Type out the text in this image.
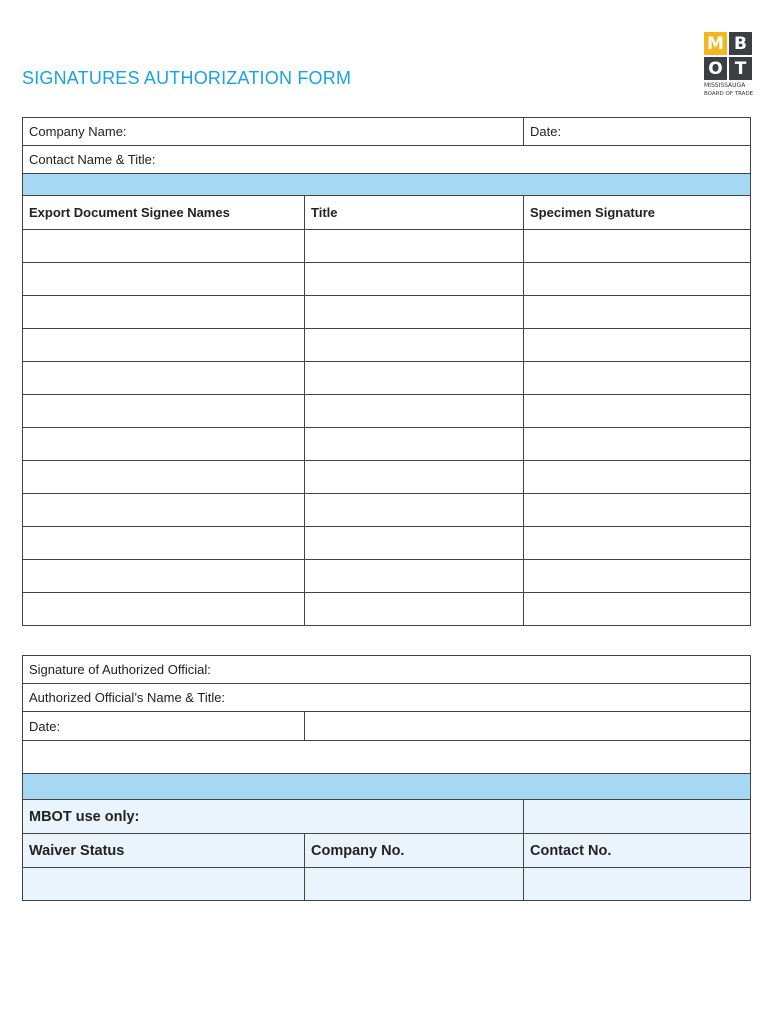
SIGNATURES AUTHORIZATION FORM
M B
O T
MISSISSAUGA
BOARD OF TRADE
Company Name:		Date:
Contact Name & Title:		

Export Document Signee Names	Title	Specimen Signature

Signature of Authorized Official:		
Authorized Official’s Name & Title:		
Date:		

MBOT use only:		
Waiver Status	Company No.	Contact No.
